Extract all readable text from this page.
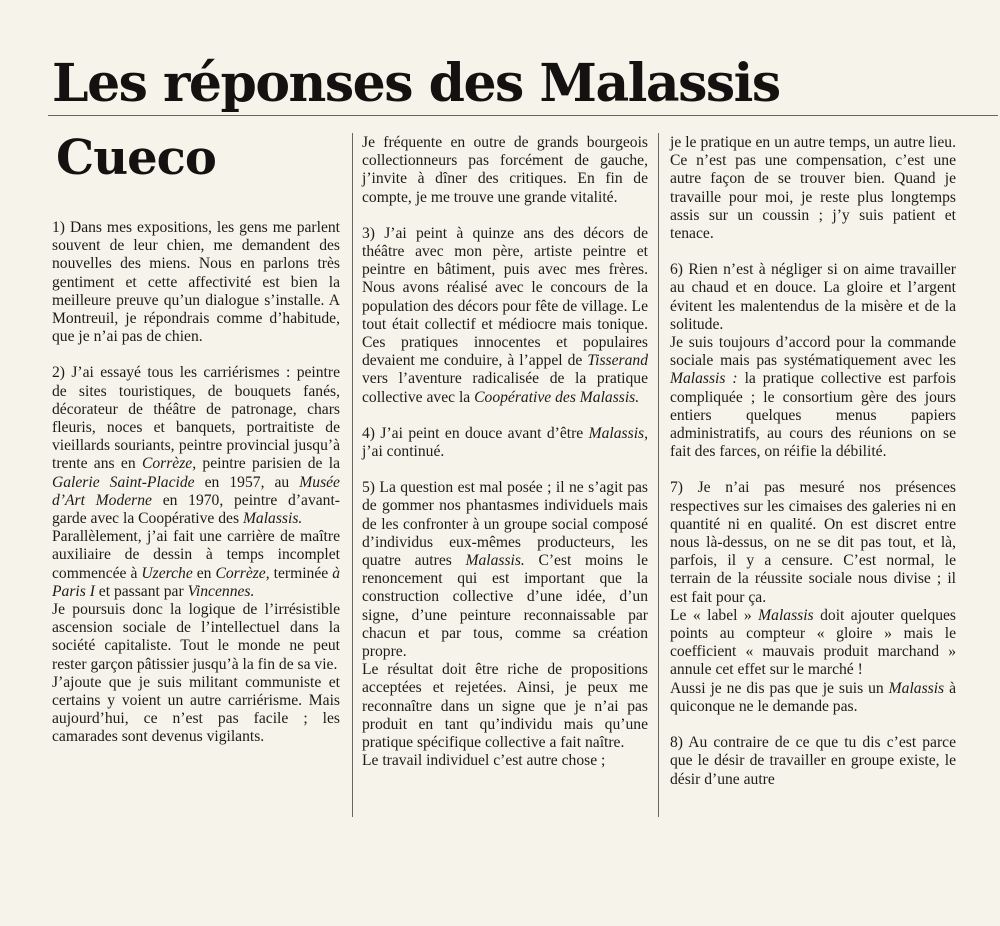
Les réponses des Malassis
Cueco

1) Dans mes expositions, les gens me parlent souvent de leur chien, me demandent des nouvelles des miens. Nous en parlons très gentiment et cette affectivité est bien la meilleure preuve qu’un dialogue s’installe. A Montreuil, je répondrais comme d’habitude, que je n’ai pas de chien.

2) J’ai essayé tous les carriérismes : peintre de sites touristiques, de bouquets fanés, décorateur de théâtre de patronage, chars fleuris, noces et banquets, portraitiste de vieillards souriants, peintre provincial jusqu’à trente ans en Corrèze, peintre parisien de la Galerie Saint-Placide en 1957, au Musée d’Art Moderne en 1970, peintre d’avant-garde avec la Coopérative des Malassis.

Parallèlement, j’ai fait une carrière de maître auxiliaire de dessin à temps incomplet commencée à Uzerche en Corrèze, terminée à Paris I et passant par Vincennes.

Je poursuis donc la logique de l’irrésistible ascension sociale de l’intellectuel dans la société capitaliste. Tout le monde ne peut rester garçon pâtissier jusqu’à la fin de sa vie.

J’ajoute que je suis militant communiste et certains y voient un autre carriérisme. Mais aujourd’hui, ce n’est pas facile ; les camarades sont devenus vigilants.

Je fréquente en outre de grands bourgeois collectionneurs pas forcément de gauche, j’invite à dîner des critiques. En fin de compte, je me trouve une grande vitalité.

3) J’ai peint à quinze ans des décors de théâtre avec mon père, artiste peintre et peintre en bâtiment, puis avec mes frères. Nous avons réalisé avec le concours de la population des décors pour fête de village. Le tout était collectif et médiocre mais tonique. Ces pratiques innocentes et populaires devaient me conduire, à l’appel de Tisserand vers l’aventure radicalisée de la pratique collective avec la Coopérative des Malassis.

4) J’ai peint en douce avant d’être Malassis, j’ai continué.

5) La question est mal posée ; il ne s’agit pas de gommer nos phantasmes individuels mais de les confronter à un groupe social composé d’individus eux-mêmes producteurs, les quatre autres Malassis. C’est moins le renoncement qui est important que la construction collective d’une idée, d’un signe, d’une peinture reconnaissable par chacun et par tous, comme sa création propre.

Le résultat doit être riche de propositions acceptées et rejetées. Ainsi, je peux me reconnaître dans un signe que je n’ai pas produit en tant qu’individu mais qu’une pratique spécifique collective a fait naître.

Le travail individuel c’est autre chose ;

je le pratique en un autre temps, un autre lieu. Ce n’est pas une compensation, c’est une autre façon de se trouver bien. Quand je travaille pour moi, je reste plus longtemps assis sur un coussin ; j’y suis patient et tenace.

6) Rien n’est à négliger si on aime travailler au chaud et en douce. La gloire et l’argent évitent les malentendus de la misère et de la solitude.

Je suis toujours d’accord pour la commande sociale mais pas systématiquement avec les Malassis : la pratique collective est parfois compliquée ; le consortium gère des jours entiers quelques menus papiers administratifs, au cours des réunions on se fait des farces, on réifie la débilité.

7) Je n’ai pas mesuré nos présences respectives sur les cimaises des galeries ni en quantité ni en qualité. On est discret entre nous là-dessus, on ne se dit pas tout, et là, parfois, il y a censure. C’est normal, le terrain de la réussite sociale nous divise ; il est fait pour ça.

Le « label » Malassis doit ajouter quelques points au compteur « gloire » mais le coefficient « mauvais produit marchand » annule cet effet sur le marché !

Aussi je ne dis pas que je suis un Malassis à quiconque ne le demande pas.

8) Au contraire de ce que tu dis c’est parce que le désir de travailler en groupe existe, le désir d’une autre
